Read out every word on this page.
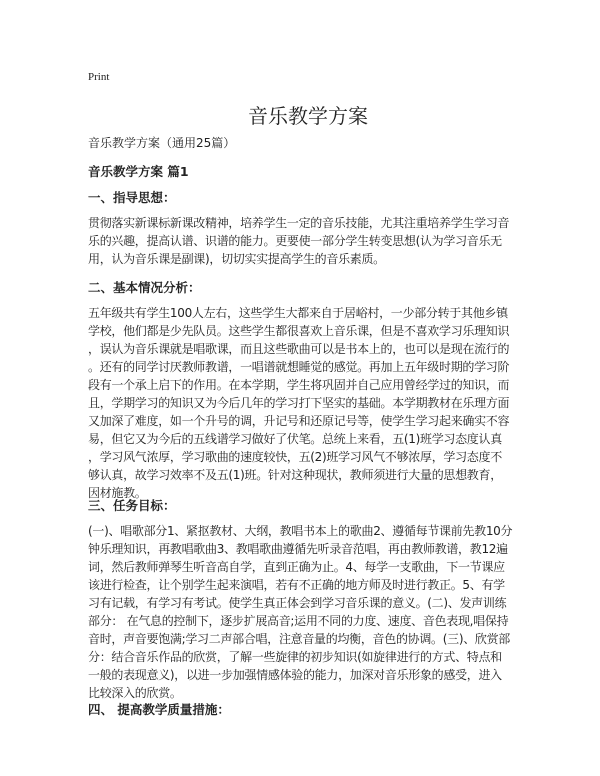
Print
音乐教学方案
音乐教学方案（通用25篇）
音乐教学方案 篇1
一、指导思想：
贯彻落实新课标新课改精神，培养学生一定的音乐技能，尤其注重培养学生学习音
乐的兴趣，提高认谱、识谱的能力。更要使一部分学生转变思想(认为学习音乐无
用，认为音乐课是副课)，切切实实提高学生的音乐素质。
二、基本情况分析：
五年级共有学生100人左右，这些学生大都来自于居峪村，一少部分转于其他乡镇
学校，他们都是少先队员。这些学生都很喜欢上音乐课，但是不喜欢学习乐理知识
，误认为音乐课就是唱歌课，而且这些歌曲可以是书本上的，也可以是现在流行的
。还有的同学讨厌教师教谱，一唱谱就想睡觉的感觉。再加上五年级时期的学习阶
段有一个承上启下的作用。在本学期，学生将巩固并自己应用曾经学过的知识，而
且，学期学习的知识又为今后几年的学习打下坚实的基础。本学期教材在乐理方面
又加深了难度，如一个升号的调，升记号和还原记号等，使学生学习起来确实不容
易，但它又为今后的五线谱学习做好了伏笔。总统上来看，五(1)班学习态度认真
，学习风气浓厚，学习歌曲的速度较快，五(2)班学习风气不够浓厚，学习态度不
够认真，故学习效率不及五(1)班。针对这种现状，教师须进行大量的思想教育，
因材施教。
三、任务目标：
(一)、唱歌部分1、紧抠教材、大纲，教唱书本上的歌曲2、遵循每节课前先教10分
钟乐理知识，再教唱歌曲3、教唱歌曲遵循先听录音范唱，再由教师教谱，教12遍
词，然后教师弹琴生听音高自学，直到正确为止。4、每学一支歌曲，下一节课应
该进行检查，让个别学生起来演唱，若有不正确的地方师及时进行教正。5、有学
习有记载，有学习有考试。使学生真正体会到学习音乐课的意义。(二)、发声训练
部分： 在气息的控制下，逐步扩展高音;运用不同的力度、速度、音色表现,唱保持
音时，声音要饱满;学习二声部合唱，注意音量的均衡，音色的协调。(三)、欣赏部
分：结合音乐作品的欣赏，了解一些旋律的初步知识(如旋律进行的方式、特点和
一般的表现意义)，以进一步加强情感体验的能力，加深对音乐形象的感受，进入
比较深入的欣赏。
四、 提高教学质量措施：
